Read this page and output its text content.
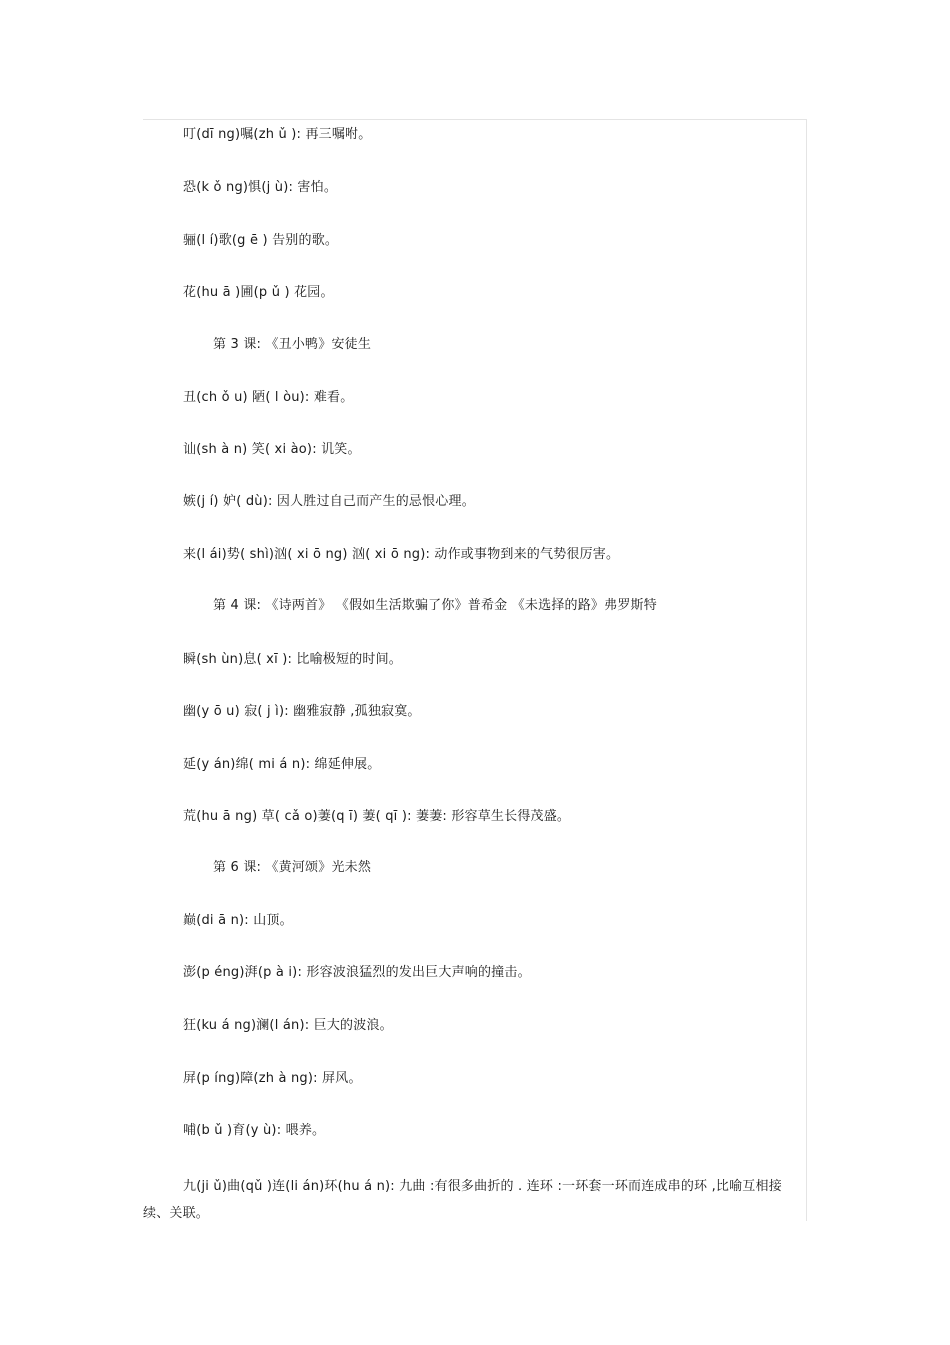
叮(dī ng)嘱(zh ǔ ): 再三嘱咐。
恐(k ǒ ng)惧(j ù): 害怕。
骊(l í)歌(g ē ) 告别的歌。
花(hu ā )圃(p ǔ ) 花园。
第 3 课: 《丑小鸭》安徒生
丑(ch ǒ u) 陋( l òu): 难看。
讪(sh à n) 笑( xi ào): 讥笑。
嫉(j í) 妒( dù): 因人胜过自己而产生的忌恨心理。
来(l ái)势( shì)汹( xi ō ng) 汹( xi ō ng): 动作或事物到来的气势很厉害。
第 4 课: 《诗两首》 《假如生活欺骗了你》普希金 《未选择的路》弗罗斯特
瞬(sh ùn)息( xī ): 比喻极短的时间。
幽(y ō u) 寂( j ì): 幽雅寂静 ,孤独寂寞。
延(y án)绵( mi á n): 绵延伸展。
荒(hu ā ng) 草( cǎ o)萋(q ī) 萋( qī ): 萋萋: 形容草生长得茂盛。
第 6 课: 《黄河颂》光未然
巅(di ā n): 山顶。
澎(p éng)湃(p à i): 形容波浪猛烈的发出巨大声响的撞击。
狂(ku á ng)澜(l án): 巨大的波浪。
屏(p íng)障(zh à ng): 屏风。
哺(b ǔ )育(y ù): 喂养。
九(ji ǔ)曲(qǔ )连(li án)环(hu á n): 九曲 :有很多曲折的 . 连环 :一环套一环而连成串的环 ,比喻互相接续、关联。
